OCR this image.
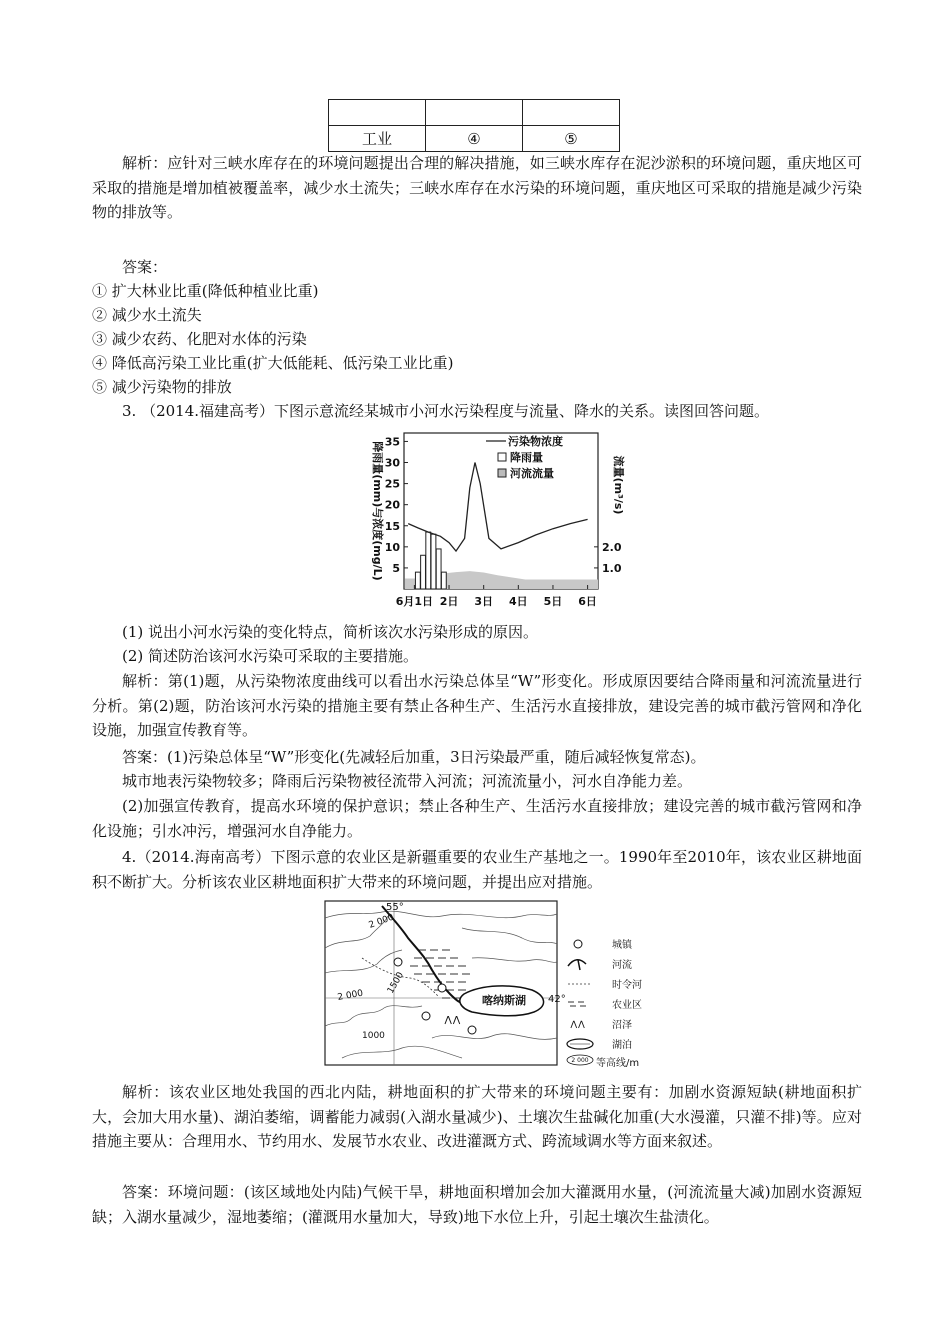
工业	④	⑤
解析：应针对三峡水库存在的环境问题提出合理的解决措施，如三峡水库存在泥沙淤积的环境问题，重庆地区可采取的措施是增加植被覆盖率，减少水土流失；三峡水库存在水污染的环境问题，重庆地区可采取的措施是减少污染物的排放等。
答案：
① 扩大林业比重(降低种植业比重)
② 减少水土流失
③ 减少农药、化肥对水体的污染
④ 降低高污染工业比重(扩大低能耗、低污染工业比重)
⑤ 减少污染物的排放
3. （2014.福建高考）下图示意流经某城市小河水污染程度与流量、降水的关系。读图回答问题。
降雨量(mm)与浓度(mg/L)	流量(m³/s)
污染物浓度
降雨量
河流流量
35
30
25
20
15
10
5
2.0
1.0
6月1日 2日 3日 4日 5日 6日
(1) 说出小河水污染的变化特点，简析该次水污染形成的原因。
(2) 简述防治该河水污染可采取的主要措施。
解析：第(1)题，从污染物浓度曲线可以看出水污染总体呈“W”形变化。形成原因要结合降雨量和河流流量进行分析。第(2)题，防治该河水污染的措施主要有禁止各种生产、生活污水直接排放，建设完善的城市截污管网和净化设施，加强宣传教育等。
答案：(1)污染总体呈“W”形变化(先减轻后加重，3日污染最严重，随后减轻恢复常态)。
城市地表污染物较多；降雨后污染物被径流带入河流；河流流量小，河水自净能力差。
(2)加强宣传教育，提高水环境的保护意识；禁止各种生产、生活污水直接排放；建设完善的城市截污管网和净化设施；引水冲污，增强河水自净能力。
4.（2014.海南高考）下图示意的农业区是新疆重要的农业生产基地之一。1990年至2010年，该农业区耕地面积不断扩大。分析该农业区耕地面积扩大带来的环境问题，并提出应对措施。
喀纳斯湖
𐌡𐌡
55°
42°
2 000
2 000
1500
1000
城镇
河流
时令河
农业区
𐌡𐌡	沼泽
湖泊
2 000 等高线/m
解析：该农业区地处我国的西北内陆，耕地面积的扩大带来的环境问题主要有：加剧水资源短缺(耕地面积扩大，会加大用水量)、湖泊萎缩，调蓄能力减弱(入湖水量减少)、土壤次生盐碱化加重(大水漫灌，只灌不排)等。应对措施主要从：合理用水、节约用水、发展节水农业、改进灌溉方式、跨流域调水等方面来叙述。
答案：环境问题：(该区域地处内陆)气候干旱，耕地面积增加会加大灌溉用水量，(河流流量大减)加剧水资源短缺；入湖水量减少，湿地萎缩；(灌溉用水量加大，导致)地下水位上升，引起土壤次生盐渍化。
